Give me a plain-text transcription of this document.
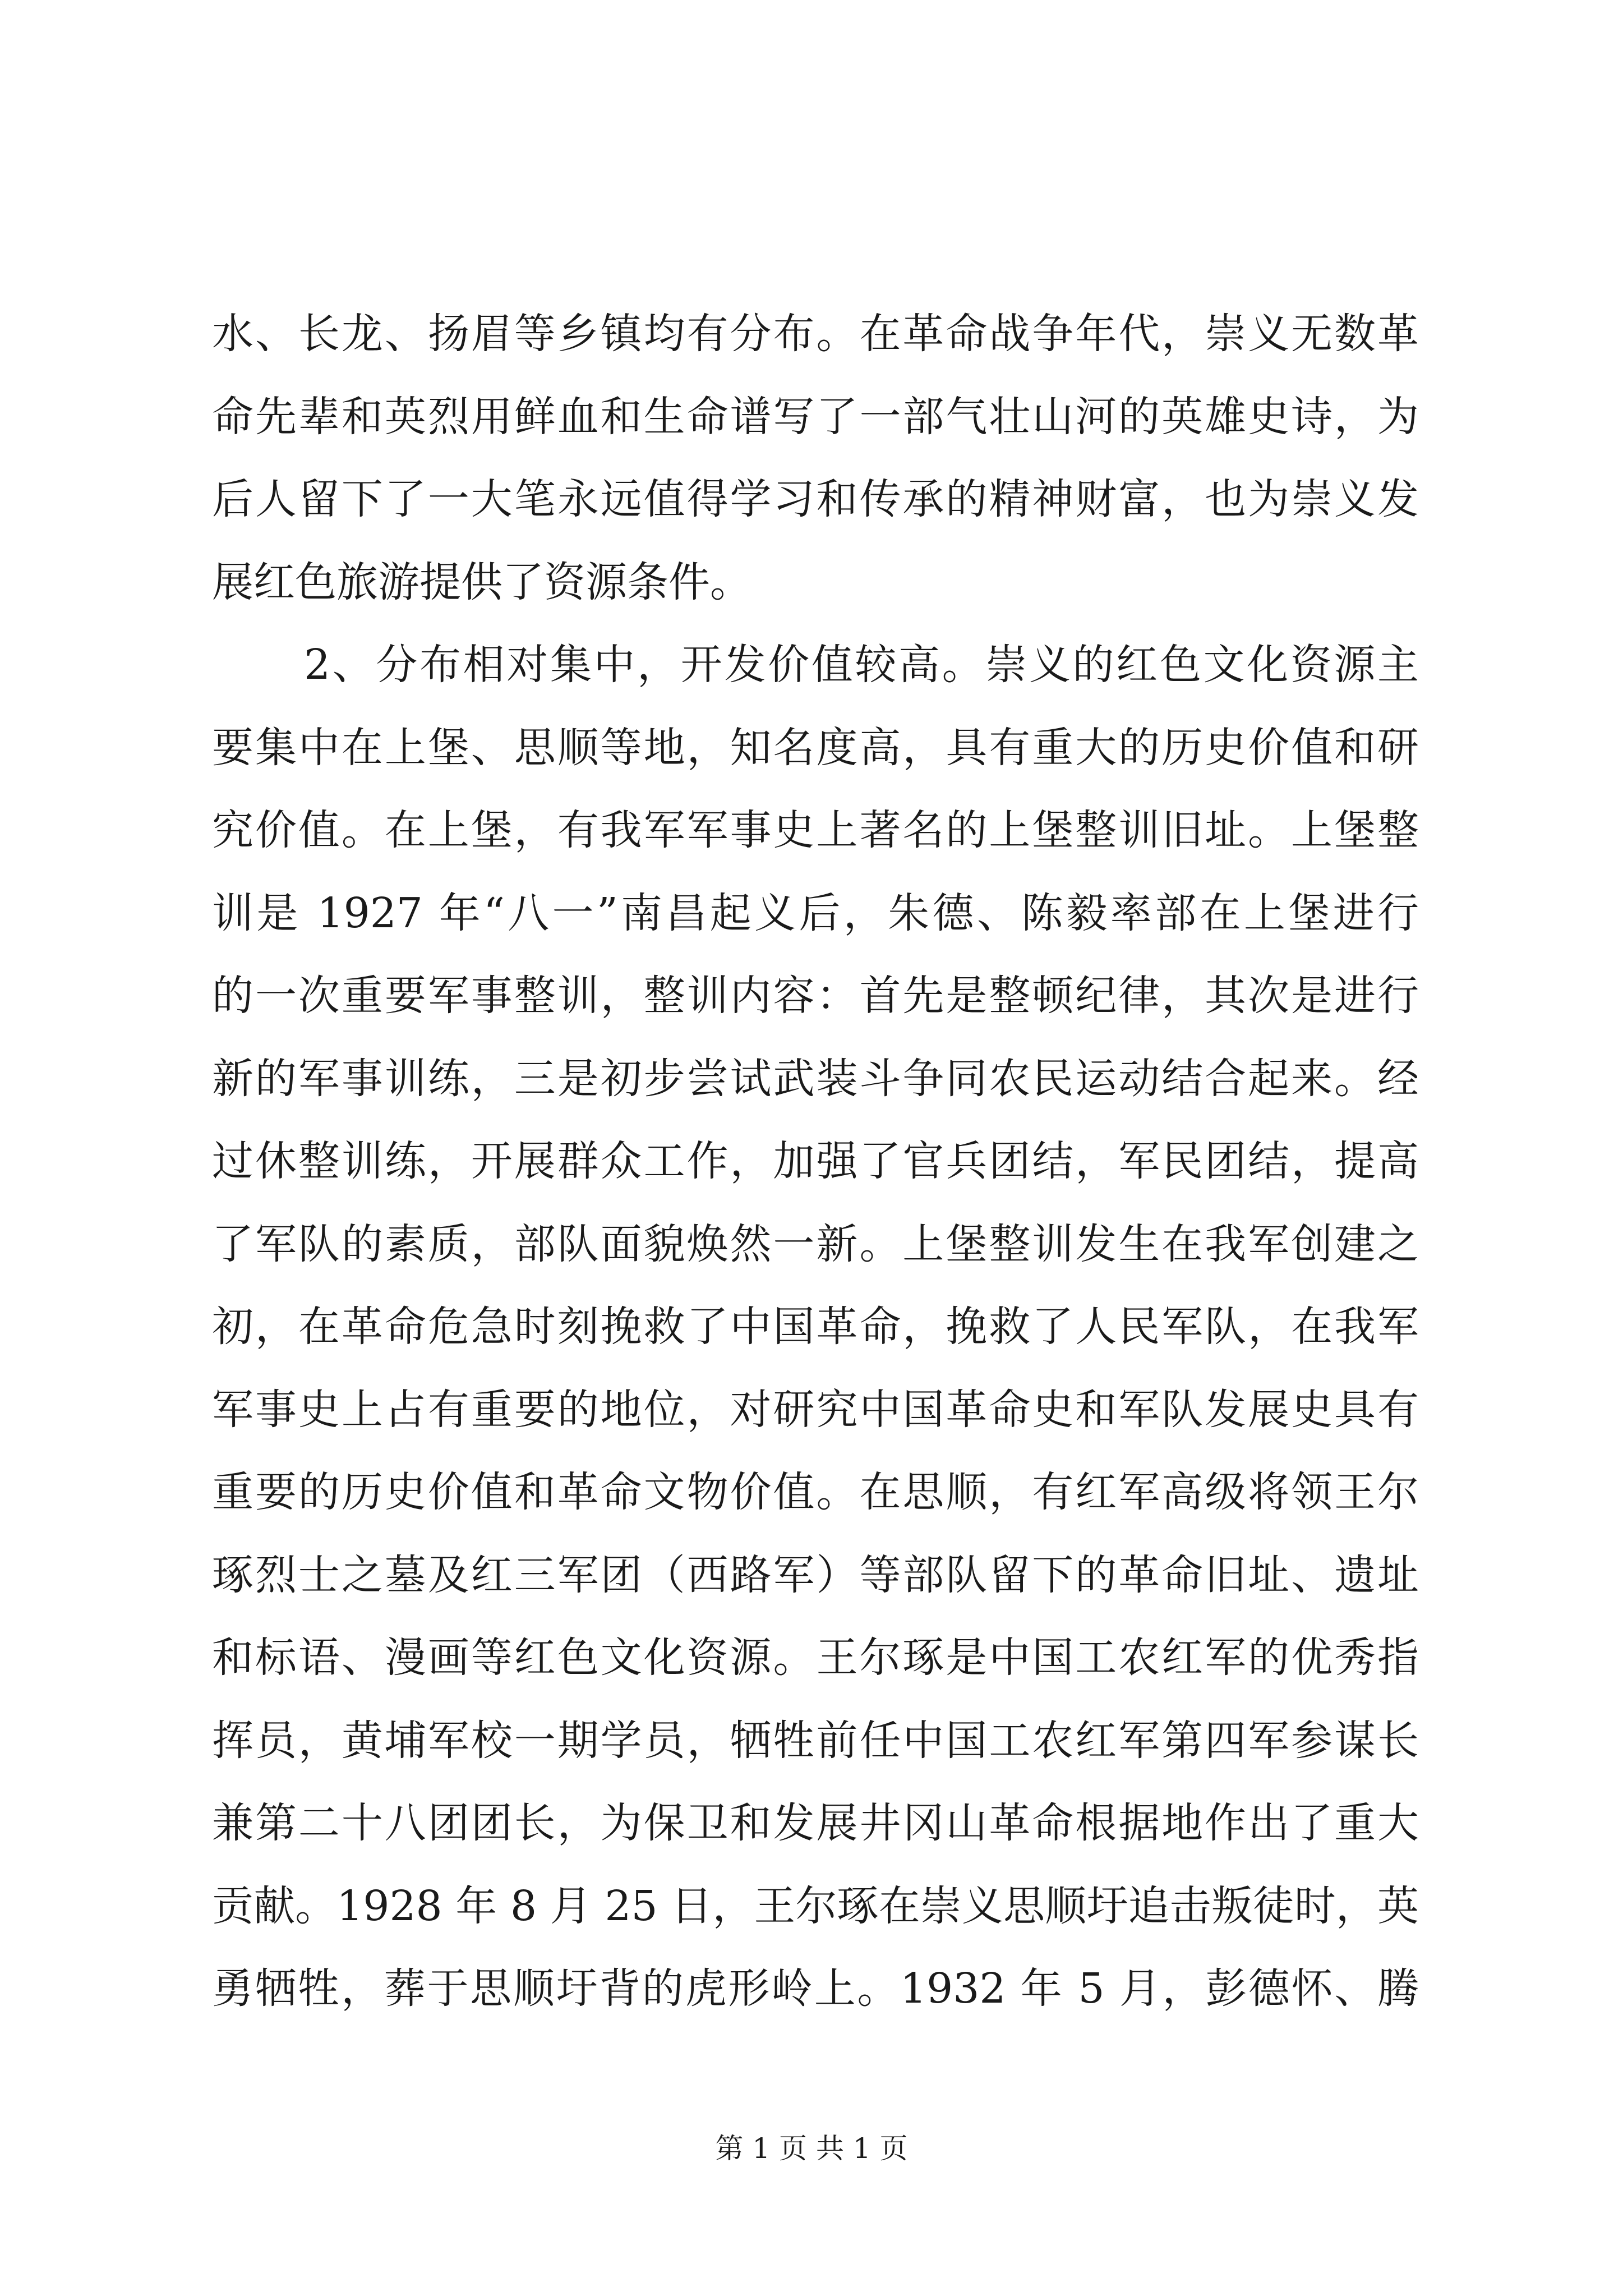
水、长龙、扬眉等乡镇均有分布。在革命战争年代，崇义无数革
命先辈和英烈用鲜血和生命谱写了一部气壮山河的英雄史诗，为
后人留下了一大笔永远值得学习和传承的精神财富，也为崇义发
展红色旅游提供了资源条件。
2、分布相对集中，开发价值较高。崇义的红色文化资源主
要集中在上堡、思顺等地，知名度高，具有重大的历史价值和研
究价值。在上堡，有我军军事史上著名的上堡整训旧址。上堡整
训是 1927 年“八一”南昌起义后，朱德、陈毅率部在上堡进行
的一次重要军事整训，整训内容：首先是整顿纪律，其次是进行
新的军事训练，三是初步尝试武装斗争同农民运动结合起来。经
过休整训练，开展群众工作，加强了官兵团结，军民团结，提高
了军队的素质，部队面貌焕然一新。上堡整训发生在我军创建之
初，在革命危急时刻挽救了中国革命，挽救了人民军队，在我军
军事史上占有重要的地位，对研究中国革命史和军队发展史具有
重要的历史价值和革命文物价值。在思顺，有红军高级将领王尔
琢烈士之墓及红三军团（西路军）等部队留下的革命旧址、遗址
和标语、漫画等红色文化资源。王尔琢是中国工农红军的优秀指
挥员，黄埔军校一期学员，牺牲前任中国工农红军第四军参谋长
兼第二十八团团长，为保卫和发展井冈山革命根据地作出了重大
贡献。1928 年 8 月 25 日，王尔琢在崇义思顺圩追击叛徒时，英
勇牺牲，葬于思顺圩背的虎形岭上。1932 年 5 月，彭德怀、腾
第 1 页 共 1 页
